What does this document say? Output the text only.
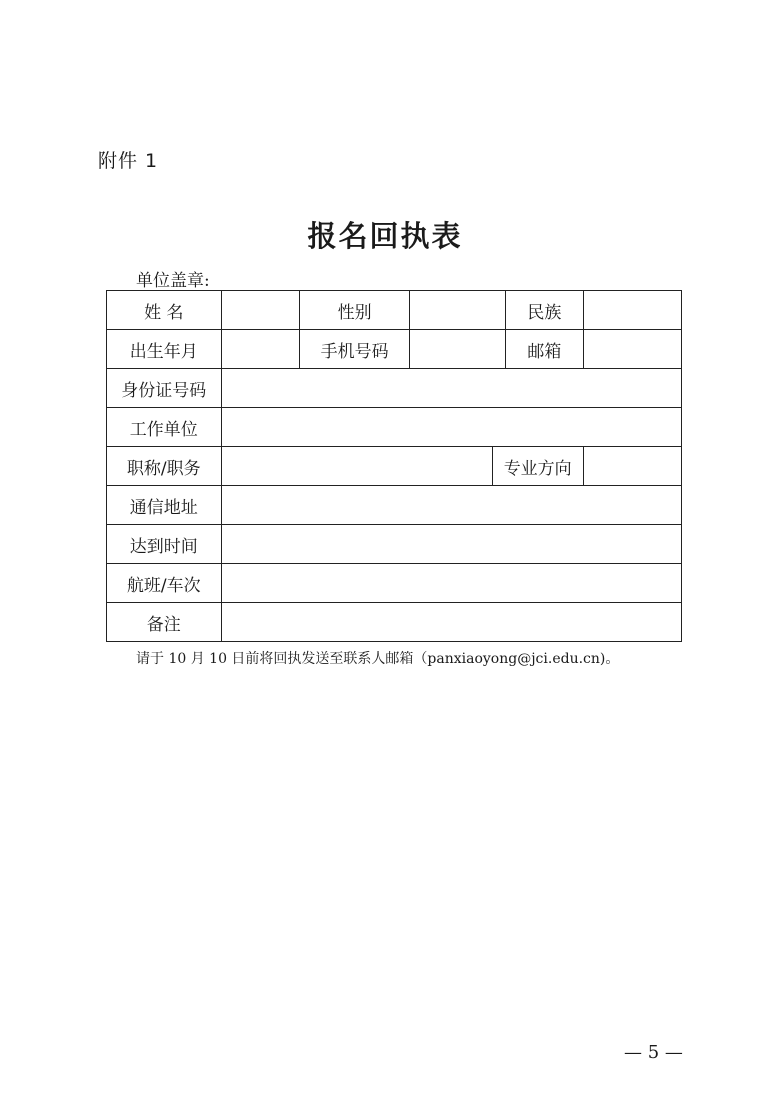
附件 1
报名回执表
单位盖章:
姓 名		性别			民族	
出生年月		手机号码			邮箱	
身份证号码						
工作单位						
职称/职务				专业方向		
通信地址						
达到时间						
航班/车次						
备注						
请于 10 月 10 日前将回执发送至联系人邮箱（panxiaoyong@jci.edu.cn)。
— 5 —
